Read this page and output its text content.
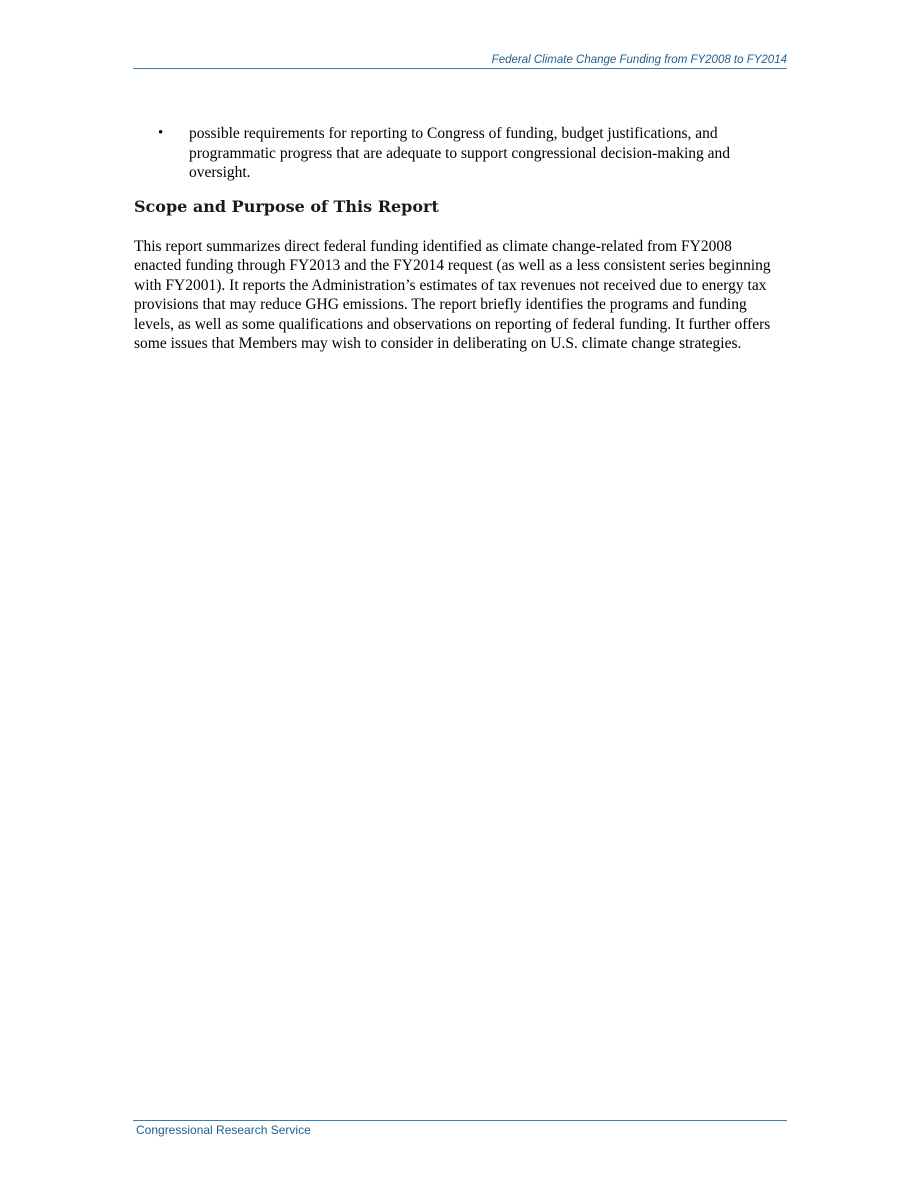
Federal Climate Change Funding from FY2008 to FY2014
• possible requirements for reporting to Congress of funding, budget justifications, and programmatic progress that are adequate to support congressional decision-making and oversight.
Scope and Purpose of This Report

This report summarizes direct federal funding identified as climate change-related from FY2008 enacted funding through FY2013 and the FY2014 request (as well as a less consistent series beginning with FY2001). It reports the Administration’s estimates of tax revenues not received due to energy tax provisions that may reduce GHG emissions. The report briefly identifies the programs and funding levels, as well as some qualifications and observations on reporting of federal funding. It further offers some issues that Members may wish to consider in deliberating on U.S. climate change strategies.

Congressional Research Service
